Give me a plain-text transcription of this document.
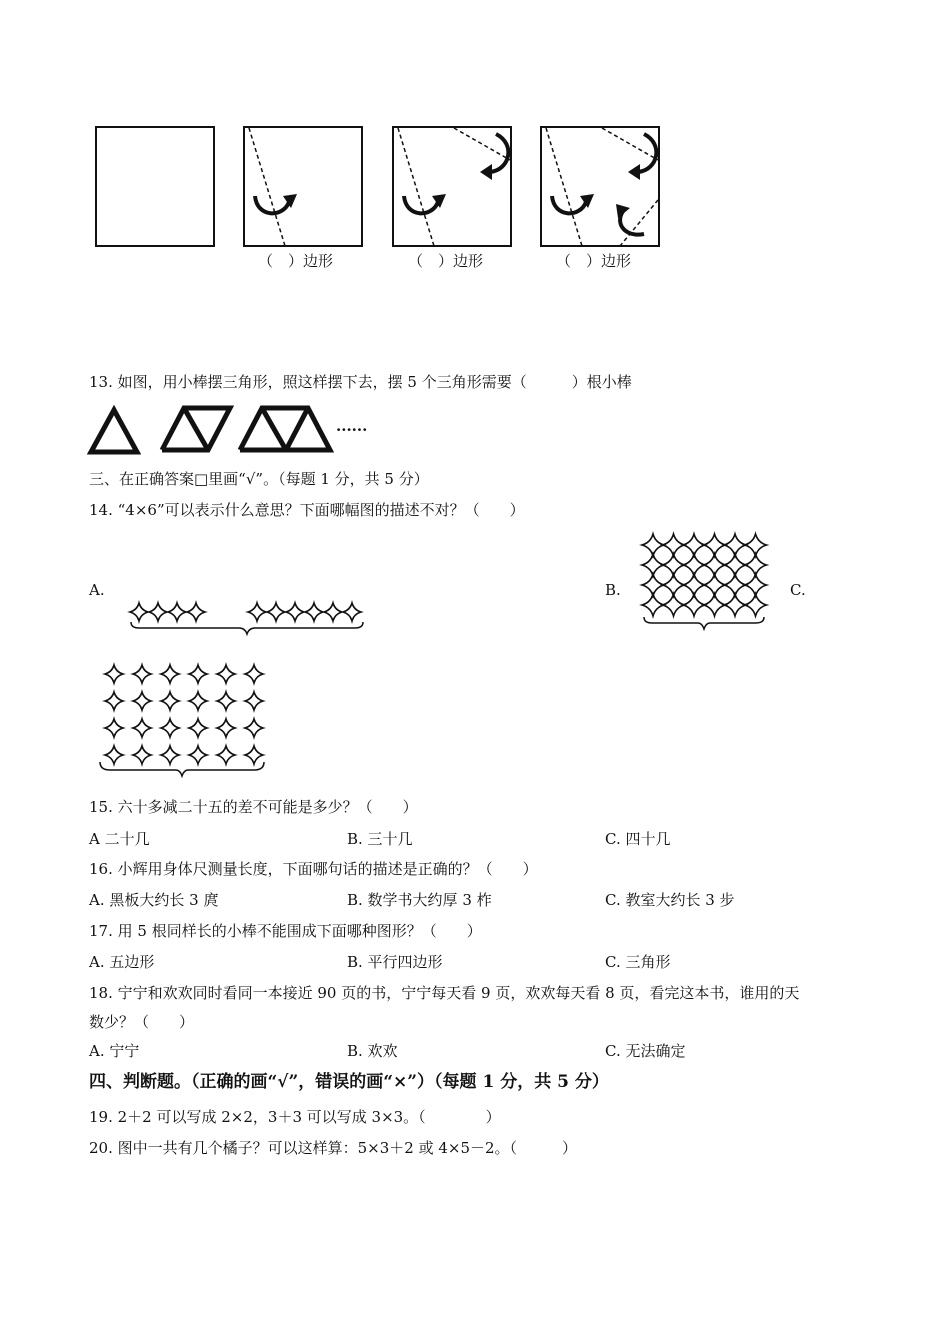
（　）边形	（　）边形	（　）边形
13. 如图，用小棒摆三角形，照这样摆下去，摆 5 个三角形需要（　　　）根小棒
······
三、在正确答案□里画“√”。（每题 1 分，共 5 分）
14. “4×6”可以表示什么意思？下面哪幅图的描述不对？（　　）
A.	B.	C.
15. 六十多减二十五的差不可能是多少？（　　）
A 二十几	B. 三十几	C. 四十几
16. 小辉用身体尺测量长度，下面哪句话的描述是正确的？（　　）
A. 黑板大约长 3 庹	B. 数学书大约厚 3 柞	C. 教室大约长 3 步
17. 用 5 根同样长的小棒不能围成下面哪种图形？（　　）
A. 五边形	B. 平行四边形	C. 三角形
18. 宁宁和欢欢同时看同一本接近 90 页的书，宁宁每天看 9 页，欢欢每天看 8 页，看完这本书，谁用的天
数少？（　　）
A. 宁宁	B. 欢欢	C. 无法确定
四、判断题。（正确的画“√”，错误的画“×”）（每题 1 分，共 5 分）
19. 2＋2 可以写成 2×2，3＋3 可以写成 3×3。（　　　　）
20. 图中一共有几个橘子？可以这样算：5×3＋2 或 4×5－2。（　　　）
